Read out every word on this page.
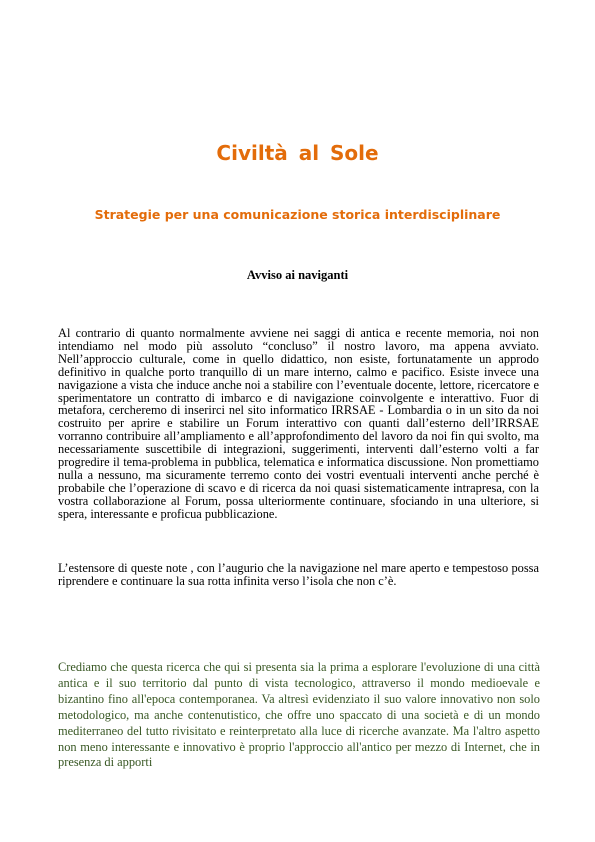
Civiltà al Sole
Strategie per una comunicazione storica interdisciplinare
Avviso ai naviganti

Al contrario di quanto normalmente avviene nei saggi di antica e recente memoria, noi non intendiamo nel modo più assoluto “concluso” il nostro lavoro, ma appena avviato. Nell’approccio culturale, come in quello didattico, non esiste, fortunatamente un approdo definitivo in qualche porto tranquillo di un mare interno, calmo e pacifico. Esiste invece una navigazione a vista che induce anche noi a stabilire con l’eventuale docente, lettore, ricercatore e sperimentatore un contratto di imbarco e di navigazione coinvolgente e interattivo. Fuor di metafora, cercheremo di inserirci nel sito informatico IRRSAE - Lombardia o in un sito da noi costruito per aprire e stabilire un Forum interattivo con quanti dall’esterno dell’IRRSAE vorranno contribuire all’ampliamento e all’approfondimento del lavoro da noi fin qui svolto, ma necessariamente suscettibile di integrazioni, suggerimenti, interventi dall’esterno volti a far progredire il tema-problema in pubblica, telematica e informatica discussione. Non promettiamo nulla a nessuno, ma sicuramente terremo conto dei vostri eventuali interventi anche perché è probabile che l’operazione di scavo e di ricerca da noi quasi sistematicamente intrapresa, con la vostra collaborazione al Forum, possa ulteriormente continuare, sfociando in una ulteriore, si spera, interessante e proficua pubblicazione.

L’estensore di queste note , con l’augurio che la navigazione nel mare aperto e tempestoso possa riprendere e continuare la sua rotta infinita verso l’isola che non c’è.

Crediamo che questa ricerca che qui si presenta sia la prima a esplorare l'evoluzione di una città antica e il suo territorio dal punto di vista tecnologico, attraverso il mondo medioevale e bizantino fino all'epoca contemporanea. Va altresì evidenziato il suo valore innovativo non solo metodologico, ma anche contenutistico, che offre uno spaccato di una società e di un mondo mediterraneo del tutto rivisitato e reinterpretato alla luce di ricerche avanzate. Ma l'altro aspetto non meno interessante e innovativo è proprio l'approccio all'antico per mezzo di Internet, che in presenza di apporti
